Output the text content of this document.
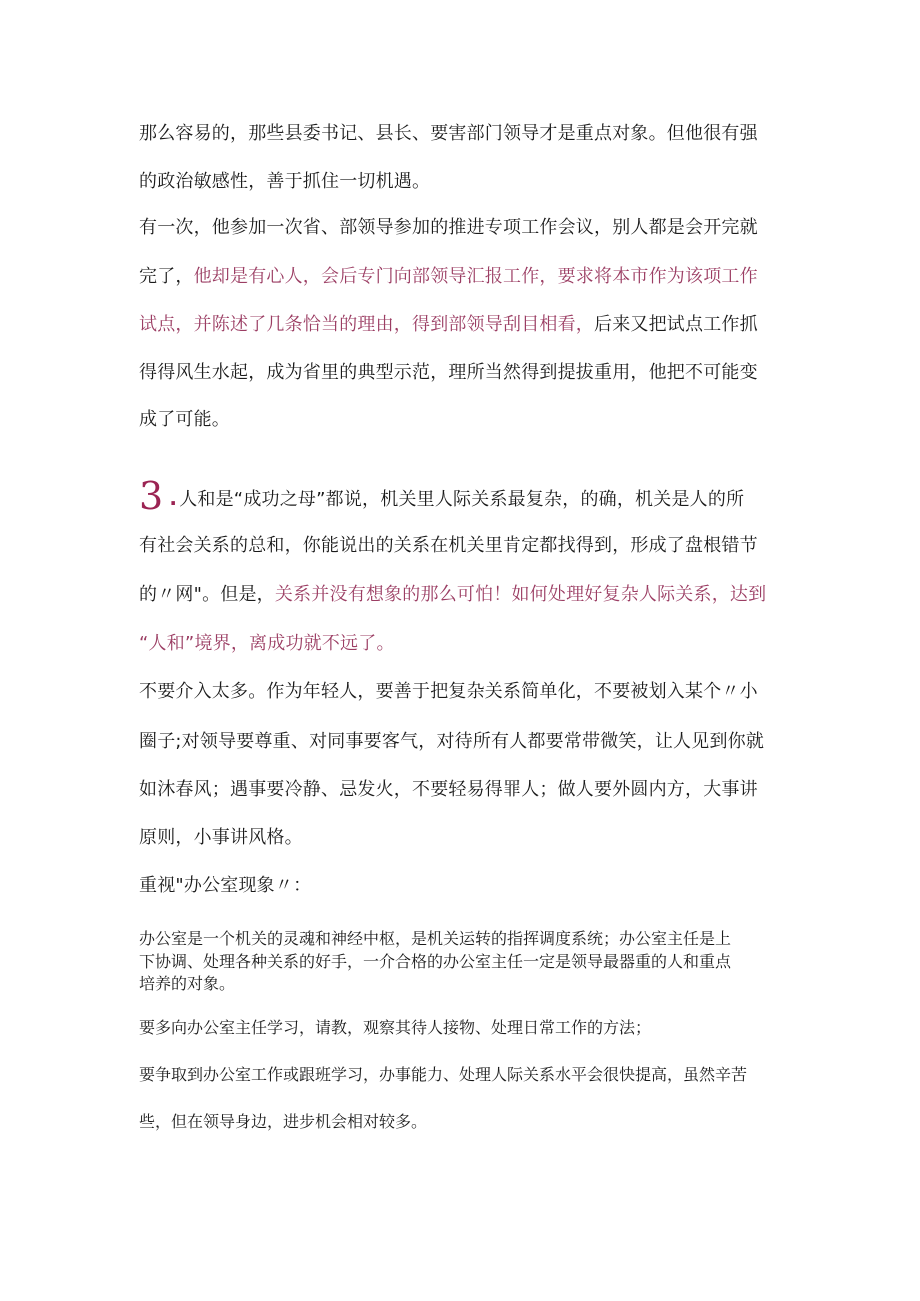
那么容易的，那些县委书记、县长、要害部门领导才是重点对象。但他很有强
的政治敏感性，善于抓住一切机遇。
有一次，他参加一次省、部领导参加的推进专项工作会议，别人都是会开完就
完了，他却是有心人，会后专门向部领导汇报工作，要求将本市作为该项工作
试点，并陈述了几条恰当的理由，得到部领导刮目相看，后来又把试点工作抓
得得风生水起，成为省里的典型示范，理所当然得到提拔重用，他把不可能变
成了可能。
3 . 人和是“成功之母”都说，机关里人际关系最复杂，的确，机关是人的所
有社会关系的总和，你能说出的关系在机关里肯定都找得到，形成了盘根错节
的〃网"。但是，关系并没有想象的那么可怕！如何处理好复杂人际关系，达到
“人和”境界，离成功就不远了。
不要介入太多。作为年轻人，要善于把复杂关系简单化，不要被划入某个〃小
圈子;对领导要尊重、对同事要客气，对待所有人都要常带微笑，让人见到你就
如沐春风；遇事要冷静、忌发火，不要轻易得罪人；做人要外圆内方，大事讲
原则，小事讲风格。
重视"办公室现象〃：
办公室是一个机关的灵魂和神经中枢，是机关运转的指挥调度系统；办公室主任是上
下协调、处理各种关系的好手，一介合格的办公室主任一定是领导最器重的人和重点
培养的对象。
要多向办公室主任学习，请教，观察其待人接物、处理日常工作的方法；
要争取到办公室工作或跟班学习，办事能力、处理人际关系水平会很快提高，虽然辛苦
些，但在领导身边，进步机会相对较多。
